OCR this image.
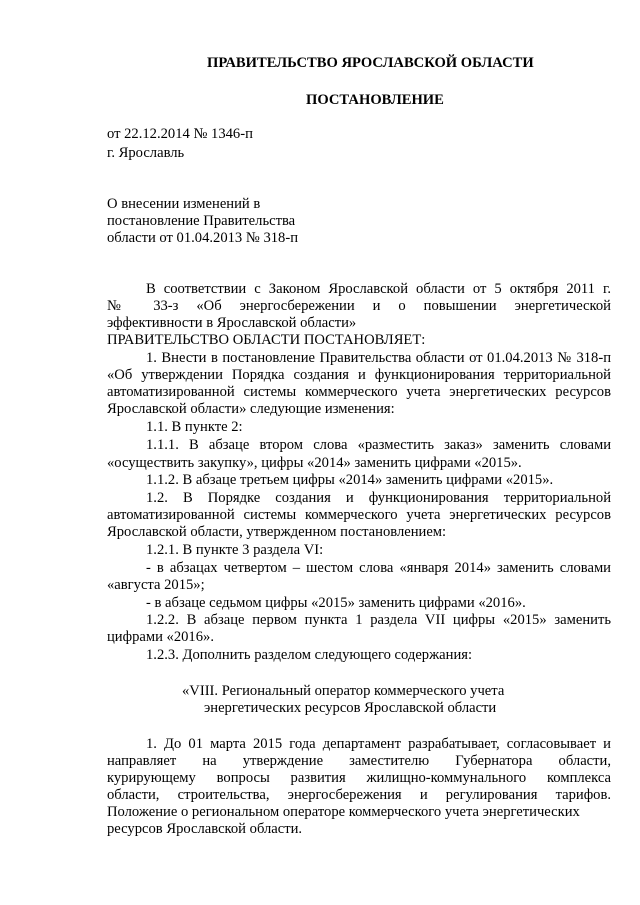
ПРАВИТЕЛЬСТВО ЯРОСЛАВСКОЙ ОБЛАСТИ
ПОСТАНОВЛЕНИЕ
от 22.12.2014 № 1346-п
г. Ярославль
О внесении изменений в
постановление Правительства
области от 01.04.2013 № 318-п
В соответствии с Законом Ярославской области от 5 октября 2011 г.
№ 33-з «Об энергосбережении и о повышении энергетической
эффективности в Ярославской области»
ПРАВИТЕЛЬСТВО ОБЛАСТИ ПОСТАНОВЛЯЕТ:
1. Внести в постановление Правительства области от 01.04.2013 № 318-п
«Об утверждении Порядка создания и функционирования территориальной
автоматизированной системы коммерческого учета энергетических ресурсов
Ярославской области» следующие изменения:
1.1. В пункте 2:
1.1.1. В абзаце втором слова «разместить заказ» заменить словами
«осуществить закупку», цифры «2014» заменить цифрами «2015».
1.1.2. В абзаце третьем цифры «2014» заменить цифрами «2015».
1.2. В Порядке создания и функционирования территориальной
автоматизированной системы коммерческого учета энергетических ресурсов
Ярославской области, утвержденном постановлением:
1.2.1. В пункте 3 раздела VI:
- в абзацах четвертом – шестом слова «января 2014» заменить словами
«августа 2015»;
- в абзаце седьмом цифры «2015» заменить цифрами «2016».
1.2.2. В абзаце первом пункта 1 раздела VII цифры «2015» заменить
цифрами «2016».
1.2.3. Дополнить разделом следующего содержания:
«VIII. Региональный оператор коммерческого учета
энергетических ресурсов Ярославской области
1. До 01 марта 2015 года департамент разрабатывает, согласовывает и
направляет на утверждение заместителю Губернатора области,
курирующему вопросы развития жилищно-коммунального комплекса
области, строительства, энергосбережения и регулирования тарифов.
Положение о региональном операторе коммерческого учета энергетических
ресурсов Ярославской области.
